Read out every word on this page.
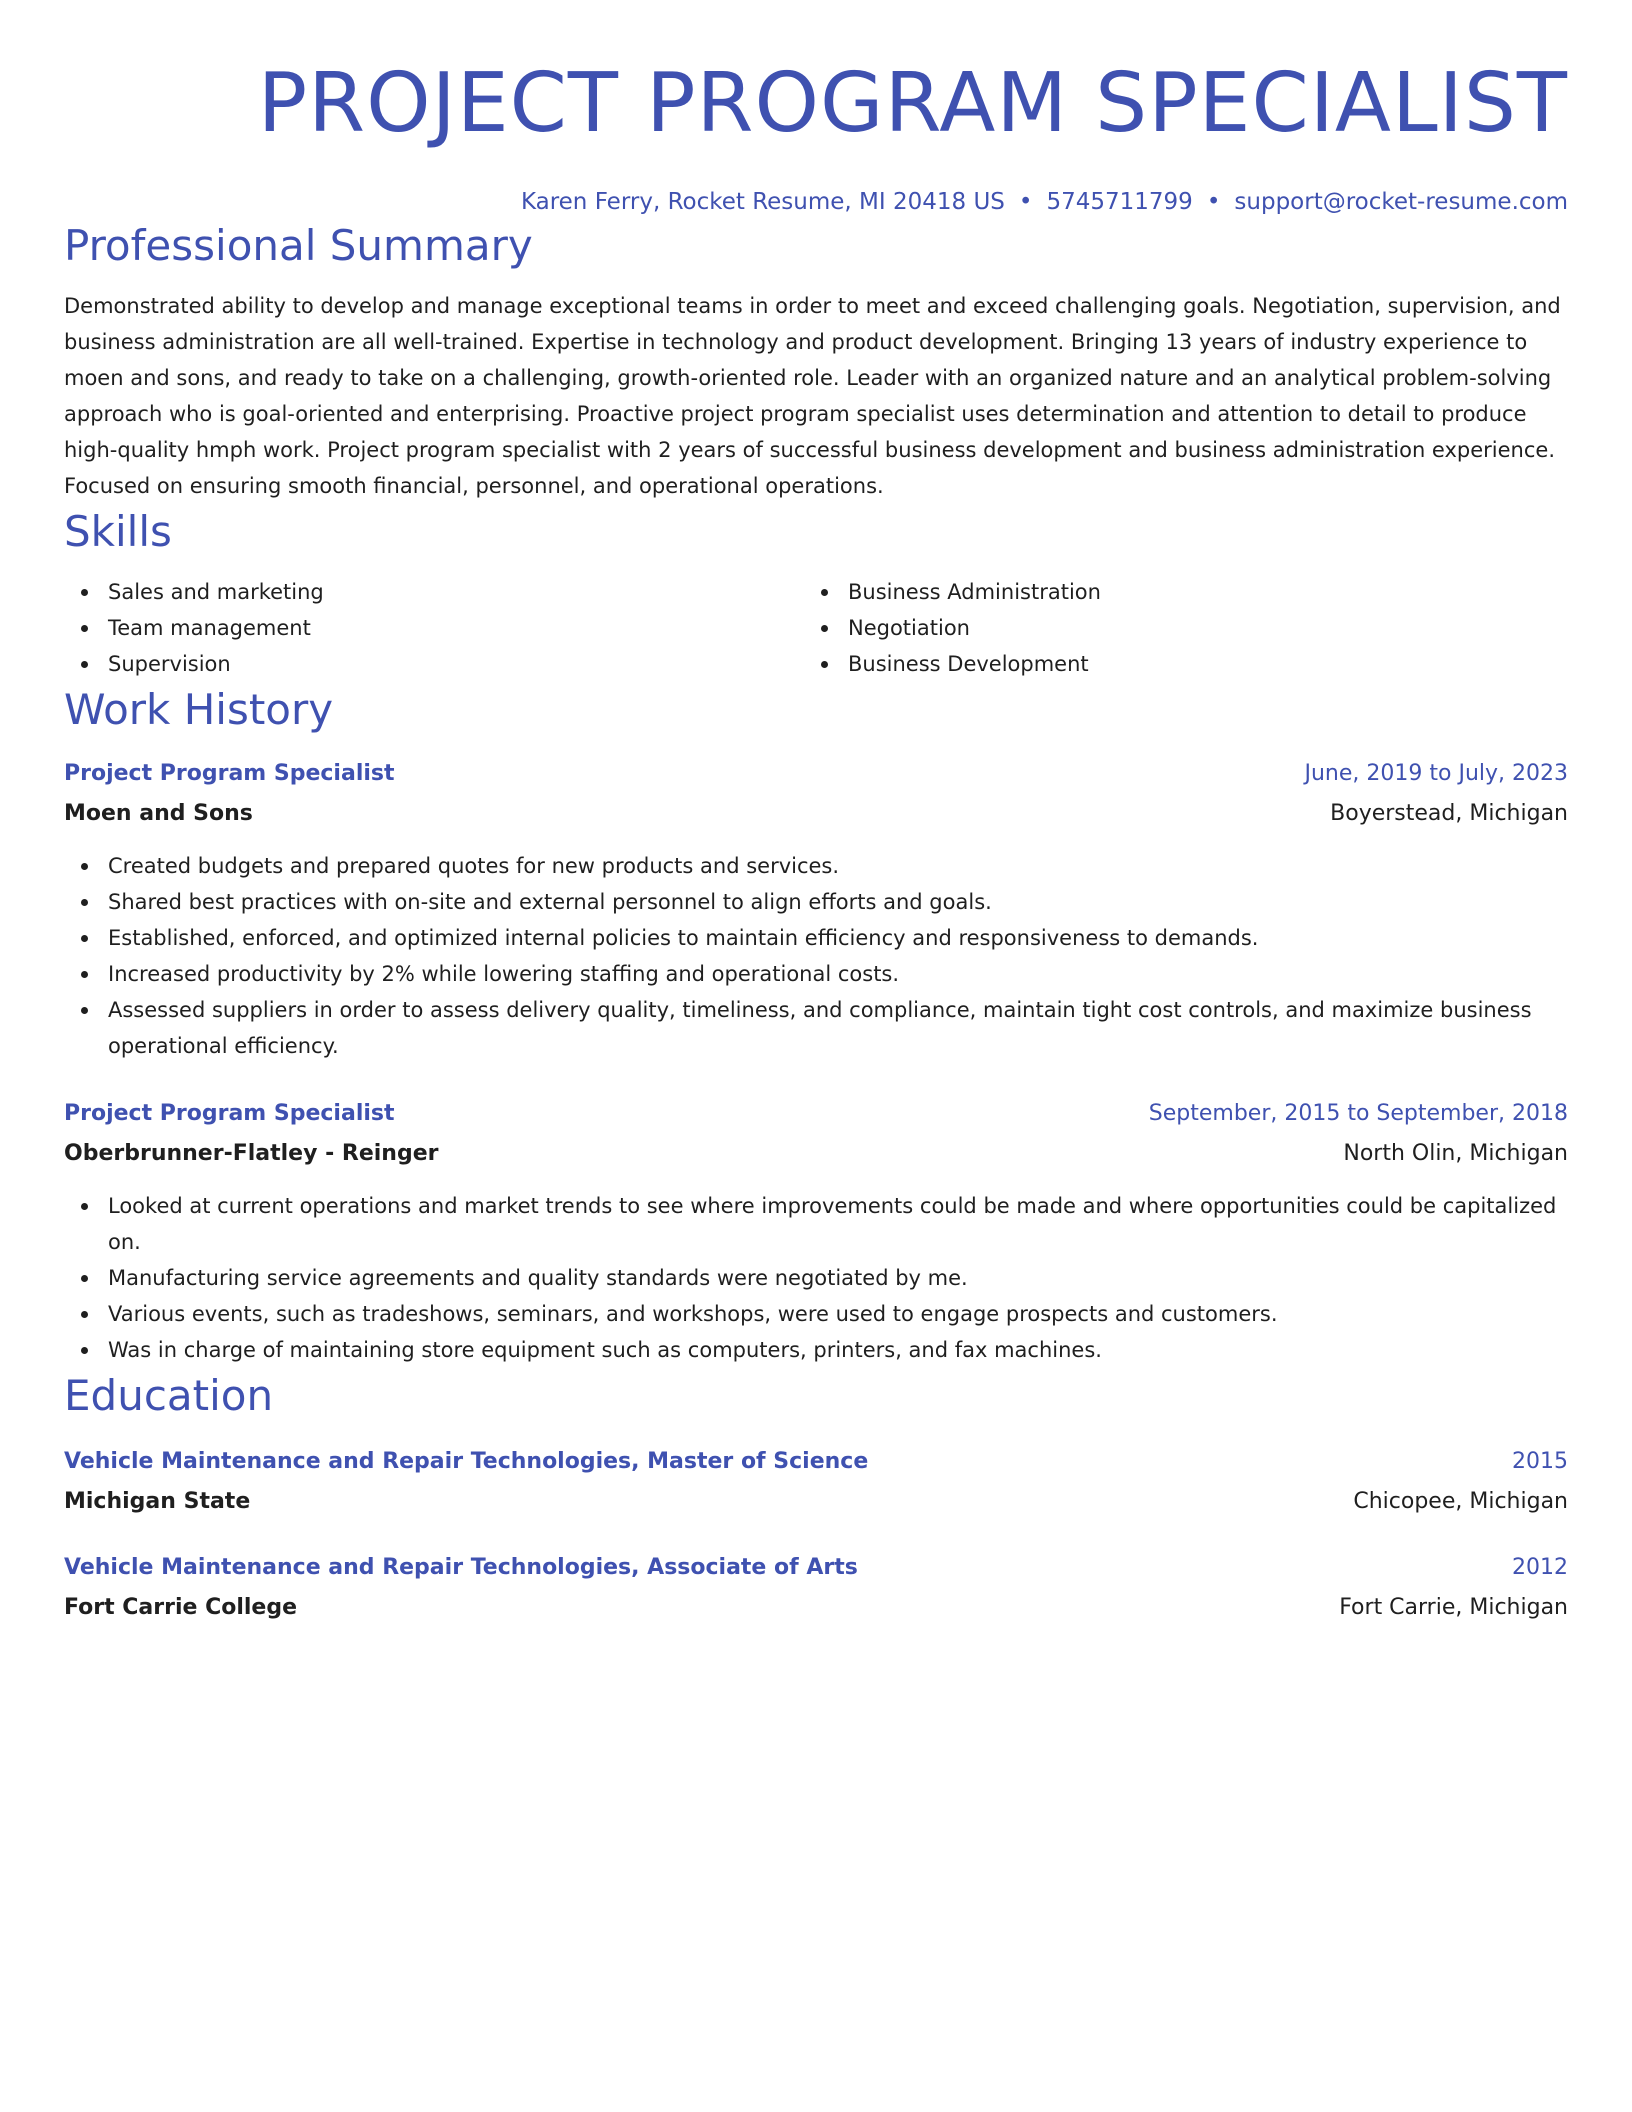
PROJECT PROGRAM SPECIALIST
Karen Ferry, Rocket Resume, MI 20418 US • 5745711799 • support@rocket-resume.com
Professional Summary
Demonstrated ability to develop and manage exceptional teams in order to meet and exceed challenging goals. Negotiation, supervision, and business administration are all well-trained. Expertise in technology and product development. Bringing 13 years of industry experience to moen and sons, and ready to take on a challenging, growth-oriented role. Leader with an organized nature and an analytical problem-solving approach who is goal-oriented and enterprising. Proactive project program specialist uses determination and attention to detail to produce high-quality hmph work. Project program specialist with 2 years of successful business development and business administration experience. Focused on ensuring smooth financial, personnel, and operational operations.
Skills
Sales and marketing
Team management
Supervision
Business Administration
Negotiation
Business Development
Work History
Project Program Specialist	June, 2019 to July, 2023
Moen and Sons	Boyerstead, Michigan
Created budgets and prepared quotes for new products and services.
Shared best practices with on-site and external personnel to align efforts and goals.
Established, enforced, and optimized internal policies to maintain efficiency and responsiveness to demands.
Increased productivity by 2% while lowering staffing and operational costs.
Assessed suppliers in order to assess delivery quality, timeliness, and compliance, maintain tight cost controls, and maximize business operational efficiency.
Project Program Specialist	September, 2015 to September, 2018
Oberbrunner-Flatley - Reinger	North Olin, Michigan
Looked at current operations and market trends to see where improvements could be made and where opportunities could be capitalized on.
Manufacturing service agreements and quality standards were negotiated by me.
Various events, such as tradeshows, seminars, and workshops, were used to engage prospects and customers.
Was in charge of maintaining store equipment such as computers, printers, and fax machines.
Education
Vehicle Maintenance and Repair Technologies, Master of Science	2015
Michigan State	Chicopee, Michigan
Vehicle Maintenance and Repair Technologies, Associate of Arts	2012
Fort Carrie College	Fort Carrie, Michigan
